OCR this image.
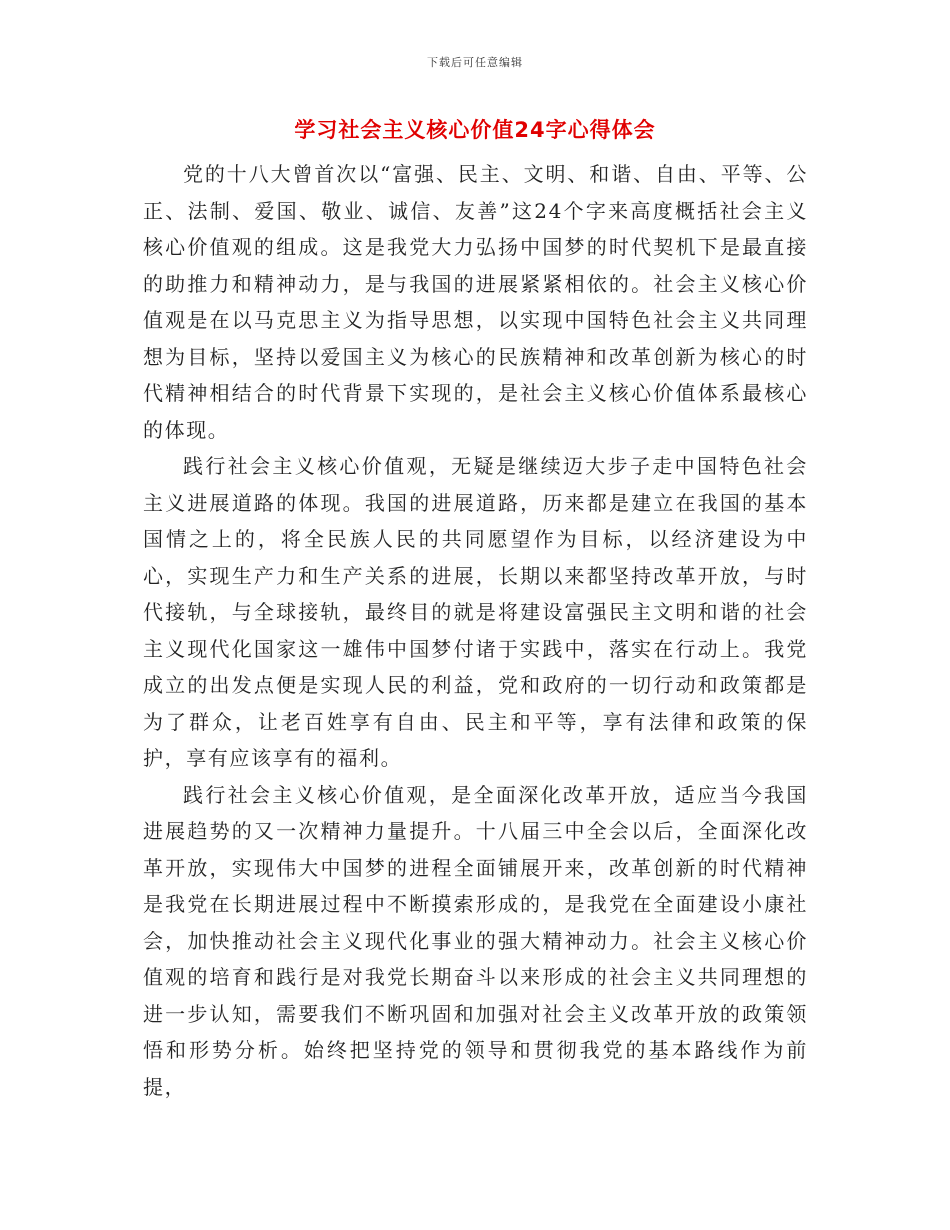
下载后可任意编辑
学习社会主义核心价值24字心得体会

党的十八大曾首次以“富强、民主、文明、和谐、自由、平等、公正、法制、爱国、敬业、诚信、友善”这24个字来高度概括社会主义核心价值观的组成。这是我党大力弘扬中国梦的时代契机下是最直接的助推力和精神动力，是与我国的进展紧紧相依的。社会主义核心价值观是在以马克思主义为指导思想，以实现中国特色社会主义共同理想为目标，坚持以爱国主义为核心的民族精神和改革创新为核心的时代精神相结合的时代背景下实现的，是社会主义核心价值体系最核心的体现。

践行社会主义核心价值观，无疑是继续迈大步子走中国特色社会主义进展道路的体现。我国的进展道路，历来都是建立在我国的基本国情之上的，将全民族人民的共同愿望作为目标，以经济建设为中心，实现生产力和生产关系的进展，长期以来都坚持改革开放，与时代接轨，与全球接轨，最终目的就是将建设富强民主文明和谐的社会主义现代化国家这一雄伟中国梦付诸于实践中，落实在行动上。我党成立的出发点便是实现人民的利益，党和政府的一切行动和政策都是为了群众，让老百姓享有自由、民主和平等，享有法律和政策的保护，享有应该享有的福利。

践行社会主义核心价值观，是全面深化改革开放，适应当今我国进展趋势的又一次精神力量提升。十八届三中全会以后，全面深化改革开放，实现伟大中国梦的进程全面铺展开来，改革创新的时代精神是我党在长期进展过程中不断摸索形成的，是我党在全面建设小康社会，加快推动社会主义现代化事业的强大精神动力。社会主义核心价值观的培育和践行是对我党长期奋斗以来形成的社会主义共同理想的进一步认知，需要我们不断巩固和加强对社会主义改革开放的政策领悟和形势分析。始终把坚持党的领导和贯彻我党的基本路线作为前提，
